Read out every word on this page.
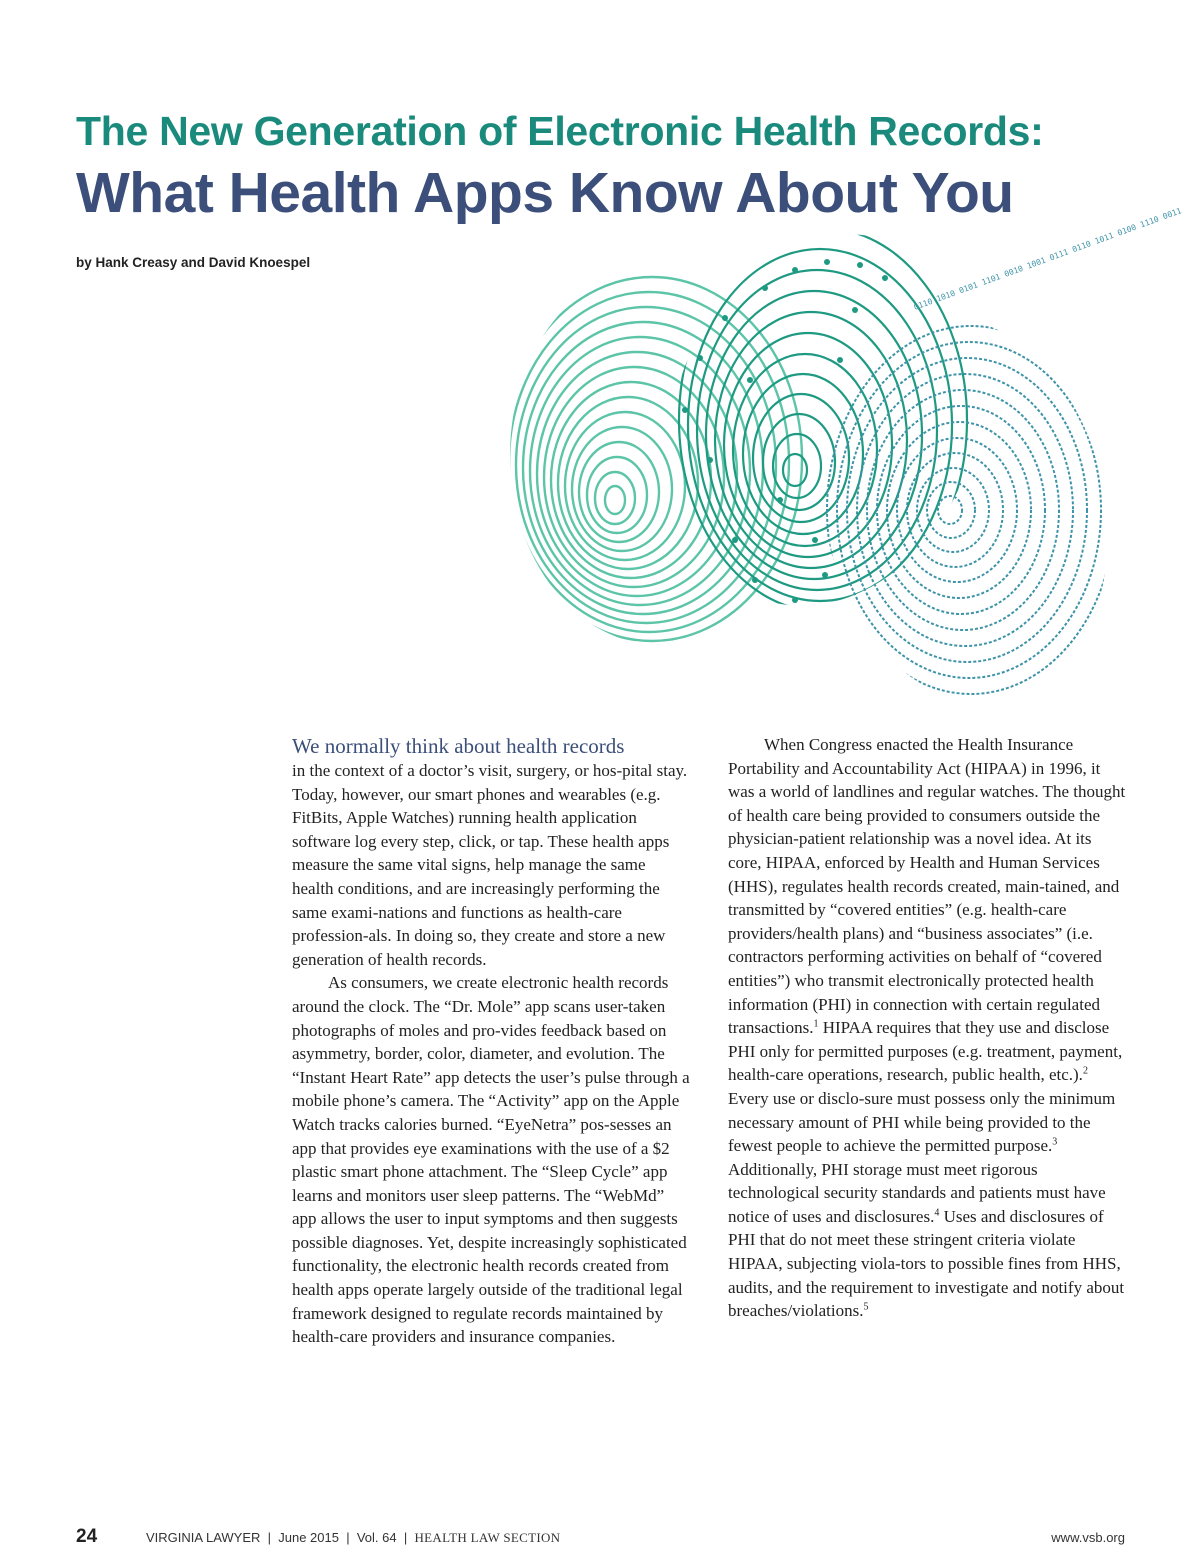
The New Generation of Electronic Health Records:
What Health Apps Know About You
by Hank Creasy and David Knoespel	0110 1010 0101 1101 0010 1001 0111 0110 1011 0100 1110 0011

We normally think about health records
in the context of a doctor’s visit, surgery, or hos-pital stay. Today, however, our smart phones and wearables (e.g. FitBits, Apple Watches) running health application software log every step, click, or tap. These health apps measure the same vital signs, help manage the same health conditions, and are increasingly performing the same exami-nations and functions as health-care profession-als. In doing so, they create and store a new generation of health records.

As consumers, we create electronic health records around the clock. The “Dr. Mole” app scans user-taken photographs of moles and pro-vides feedback based on asymmetry, border, color, diameter, and evolution. The “Instant Heart Rate” app detects the user’s pulse through a mobile phone’s camera. The “Activity” app on the Apple Watch tracks calories burned. “EyeNetra” pos-sesses an app that provides eye examinations with the use of a $2 plastic smart phone attachment. The “Sleep Cycle” app learns and monitors user sleep patterns. The “WebMd” app allows the user to input symptoms and then suggests possible diagnoses. Yet, despite increasingly sophisticated functionality, the electronic health records created from health apps operate largely outside of the traditional legal framework designed to regulate records maintained by health-care providers and insurance companies.

When Congress enacted the Health Insurance Portability and Accountability Act (HIPAA) in 1996, it was a world of landlines and regular watches. The thought of health care being provided to consumers outside the physician-patient relationship was a novel idea. At its core, HIPAA, enforced by Health and Human Services (HHS), regulates health records created, main-tained, and transmitted by “covered entities” (e.g. health-care providers/health plans) and “business associates” (i.e. contractors performing activities on behalf of “covered entities”) who transmit electronically protected health information (PHI) in connection with certain regulated transactions.$^1$ HIPAA requires that they use and disclose PHI only for permitted purposes (e.g. treatment, payment, health-care operations, research, public health, etc.).$^2$ Every use or disclo-sure must possess only the minimum necessary amount of PHI while being provided to the fewest people to achieve the permitted purpose.$^3$ Additionally, PHI storage must meet rigorous technological security standards and patients must have notice of uses and disclosures.$^4$ Uses and disclosures of PHI that do not meet these stringent criteria violate HIPAA, subjecting viola-tors to possible fines from HHS, audits, and the requirement to investigate and notify about breaches/violations.$^5$

24	VIRGINIA LAWYER | June 2015 | Vol. 64 | HEALTH LAW SECTION	www.vsb.org
